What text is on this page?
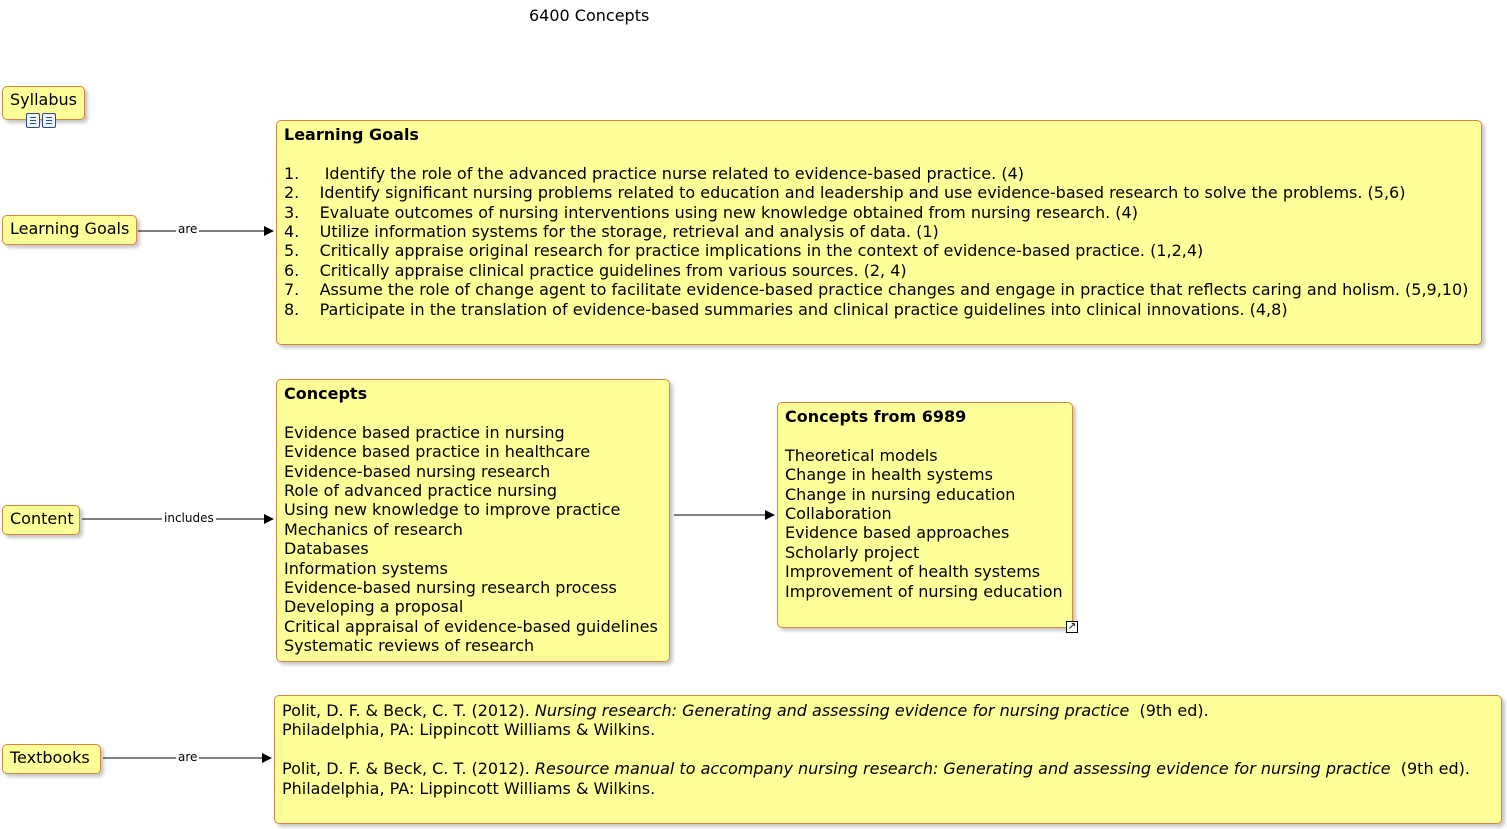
6400 Concepts
are
includes
are
Syllabus
Learning Goals
Content
Textbooks
Learning Goals
1.     Identify the role of the advanced practice nurse related to evidence-based practice. (4)
2.    Identify significant nursing problems related to education and leadership and use evidence-based research to solve the problems. (5,6)
3.    Evaluate outcomes of nursing interventions using new knowledge obtained from nursing research. (4)
4.    Utilize information systems for the storage, retrieval and analysis of data. (1)
5.    Critically appraise original research for practice implications in the context of evidence-based practice. (1,2,4)
6.    Critically appraise clinical practice guidelines from various sources. (2, 4)
7.    Assume the role of change agent to facilitate evidence-based practice changes and engage in practice that reflects caring and holism. (5,9,10)
8.    Participate in the translation of evidence-based summaries and clinical practice guidelines into clinical innovations. (4,8)
Concepts
Evidence based practice in nursing
Evidence based practice in healthcare
Evidence-based nursing research
Role of advanced practice nursing
Using new knowledge to improve practice
Mechanics of research
Databases
Information systems
Evidence-based nursing research process
Developing a proposal
Critical appraisal of evidence-based guidelines
Systematic reviews of research
Concepts from 6989
Theoretical models
Change in health systems
Change in nursing education
Collaboration
Evidence based approaches
Scholarly project
Improvement of health systems
Improvement of nursing education
↗
Polit, D. F. & Beck, C. T. (2012). Nursing research: Generating and assessing evidence for nursing practice  (9th ed).
Philadelphia, PA: Lippincott Williams & Wilkins.
Polit, D. F. & Beck, C. T. (2012). Resource manual to accompany nursing research: Generating and assessing evidence for nursing practice  (9th ed).
Philadelphia, PA: Lippincott Williams & Wilkins.
